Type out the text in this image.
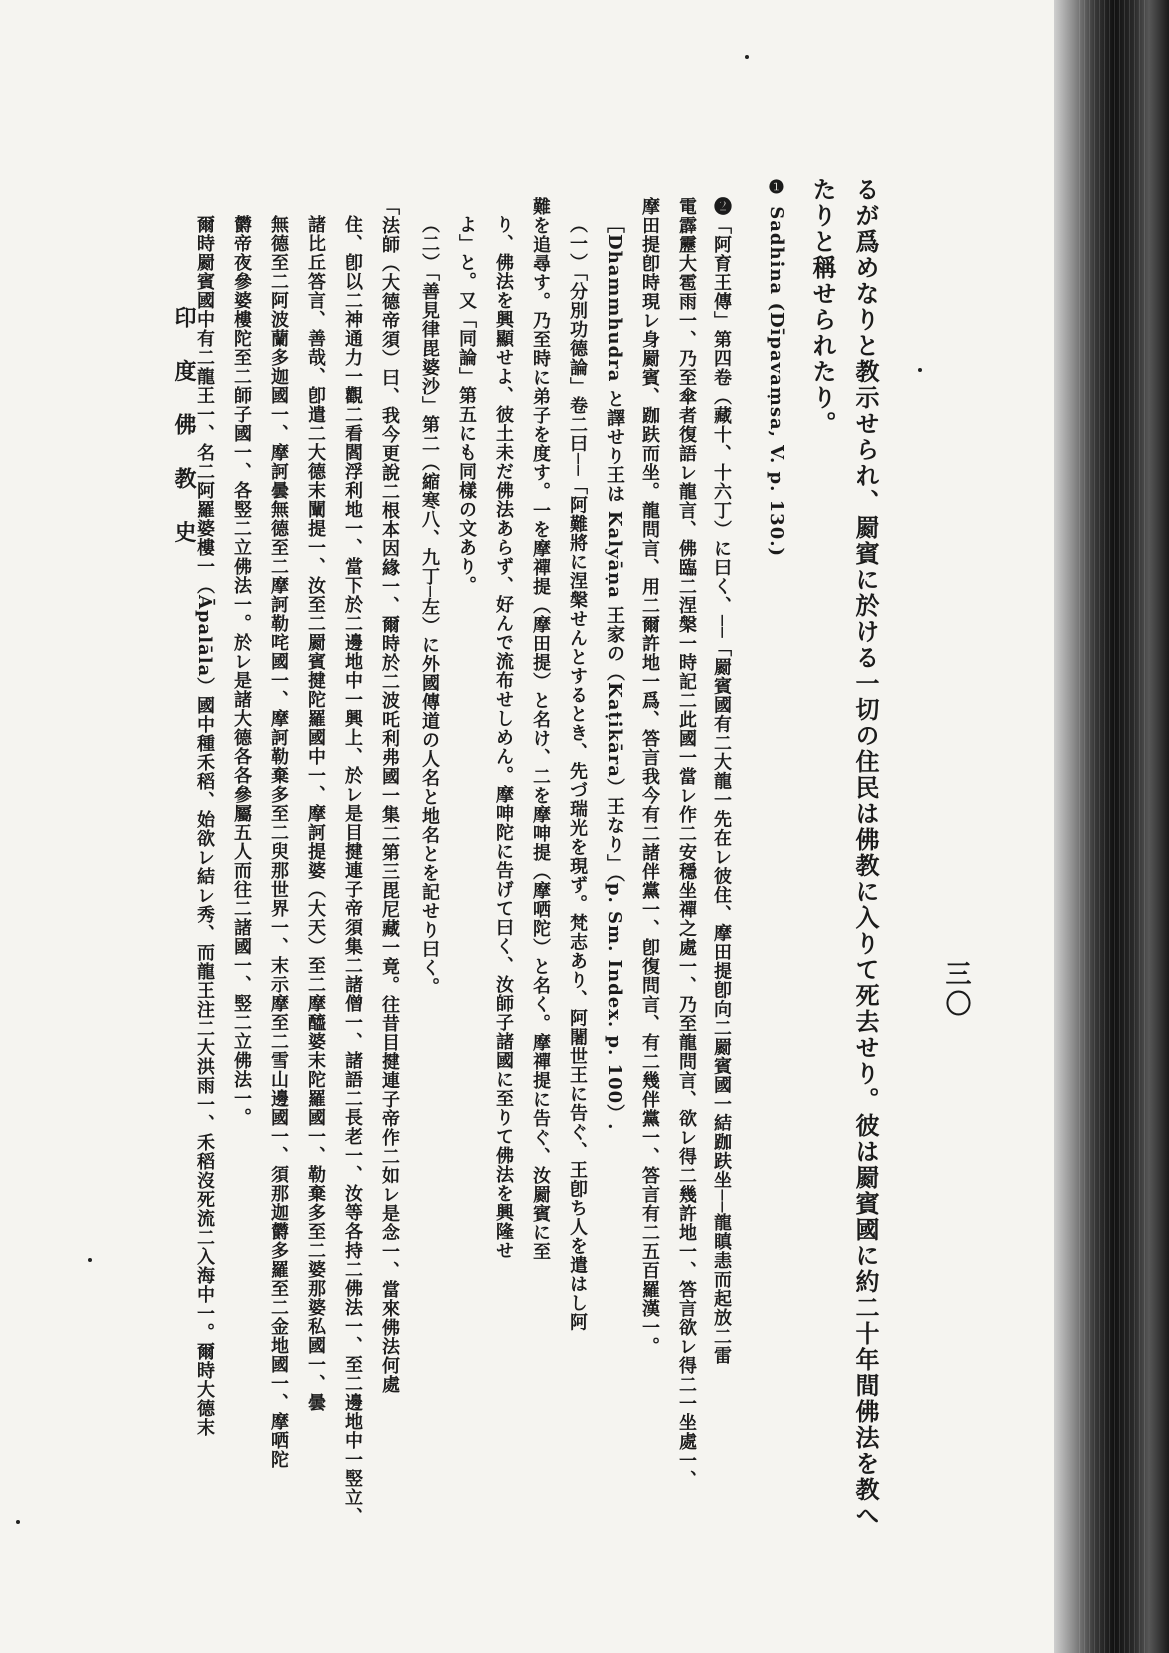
印 度 佛 教 史
三〇
るが爲めなりと教示せられ、罽賓に於ける一切の住民は佛教に入りて死去せり。彼は罽賓國に約二十年間佛法を教へ
たりと稱せられたり。
❶ Sadhina (Dīpavaṃsa, V. p. 130.)
❷「阿育王傳」第四卷（藏十、十六丁）に曰く、──「罽賓國有二大龍一先在レ彼住、摩田提卽向二罽賓國一結跏趺坐──龍瞋恚而起放二雷
電霹靂大雹雨一、乃至傘者復語レ龍言、佛臨二涅槃一時記二此國一當レ作二安穩坐禪之處一、乃至龍問言、欲レ得二幾許地一、答言欲レ得二一坐處一、
摩田提卽時現レ身罽賓、跏趺而坐。龍問言、用二爾許地一爲、答言我今有二諸伴黨一、卽復問言、有二幾伴黨一、答言有二五百羅漢一。
［Dhammhudra と譯せり王は Kalyāṇa 王家の（Kaṭikāra）王なり」（p. Sm. Index. p. 100）.
（一）「分別功德論」卷二曰──「阿難將に涅槃せんとするとき、先づ瑞光を現ず。梵志あり、阿闍世王に告ぐ、王卽ち人を遣はし阿
難を追尋す。乃至時に弟子を度す。一を摩禪提（摩田提）と名け、二を摩呻提（摩哂陀）と名く。摩禪提に告ぐ、汝罽賓に至
り、佛法を興顯せよ、彼土未だ佛法あらず、好んで流布せしめん。摩呻陀に告げて曰く、汝師子諸國に至りて佛法を興隆せ
よ」と。又「同論」第五にも同樣の文あり。
（二）「善見律毘婆沙」第二（縮寒八、九丁─左）に外國傳道の人名と地名とを記せり曰く。
「法師（大德帝須）曰、我今更說二根本因緣一、爾時於二波吒利弗國一集二第三毘尼藏一竟。往昔目揵連子帝作二如レ是念一、當來佛法何處
住、卽以二神通力一觀二看閻浮利地一、當下於二邊地中一興上、於レ是目揵連子帝須集二諸僧一、諸語二長老一、汝等各持二佛法一、至二邊地中一竪立、
諸比丘答言、善哉、卽遣二大德末闡提一、汝至二罽賓揵陀羅國中一、摩訶提婆（大天）至二摩醯婆末陀羅國一、勒棄多至二婆那婆私國一、曇
無德至二阿波蘭多迦國一、摩訶曇無德至二摩訶勒咤國一、摩訶勒棄多至二臾那世界一、末示摩至二雪山邊國一、須那迦欝多羅至二金地國一、摩哂陀
欝帝夜參婆樓陀至二師子國一、各竪二立佛法一。於レ是諸大德各各參屬五人而往二諸國一、竪二立佛法一。
爾時罽賓國中有二龍王一、名二阿羅婆樓一（Āpalāla）國中種禾稻、始欲レ結レ秀、而龍王注二大洪雨一、禾稻沒死流二入海中一。爾時大德末
